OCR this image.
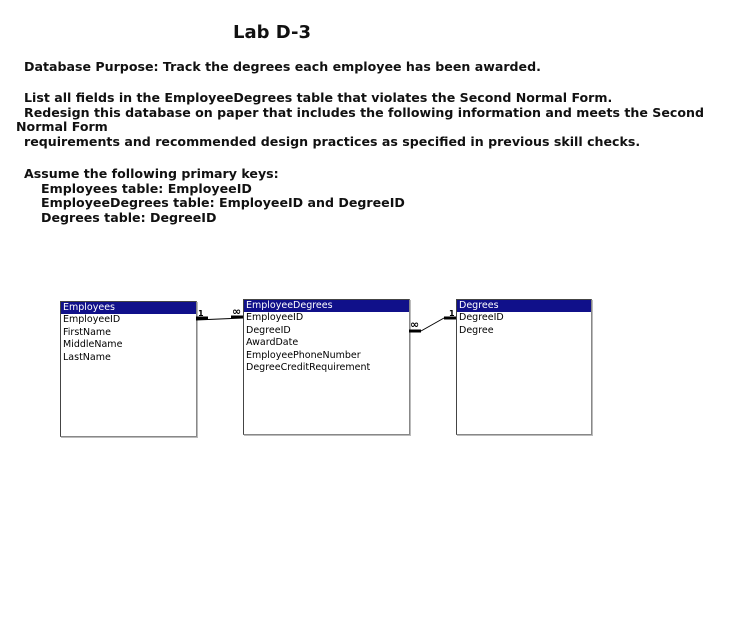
Lab D-3
Database Purpose: Track the degrees each employee has been awarded.
List all fields in the EmployeeDegrees table that violates the Second Normal Form.
Redesign this database on paper that includes the following information and meets the Second
Normal Form
requirements and recommended design practices as specified in previous skill checks.
Assume the following primary keys:
Employees table: EmployeeID
EmployeeDegrees table: EmployeeID and DegreeID
Degrees table: DegreeID
Employees
EmployeeID
FirstName
MiddleName
LastName
EmployeeDegrees
EmployeeID
DegreeID
AwardDate
EmployeePhoneNumber
DegreeCreditRequirement
Degrees
DegreeID
Degree
1	∞
∞
1
